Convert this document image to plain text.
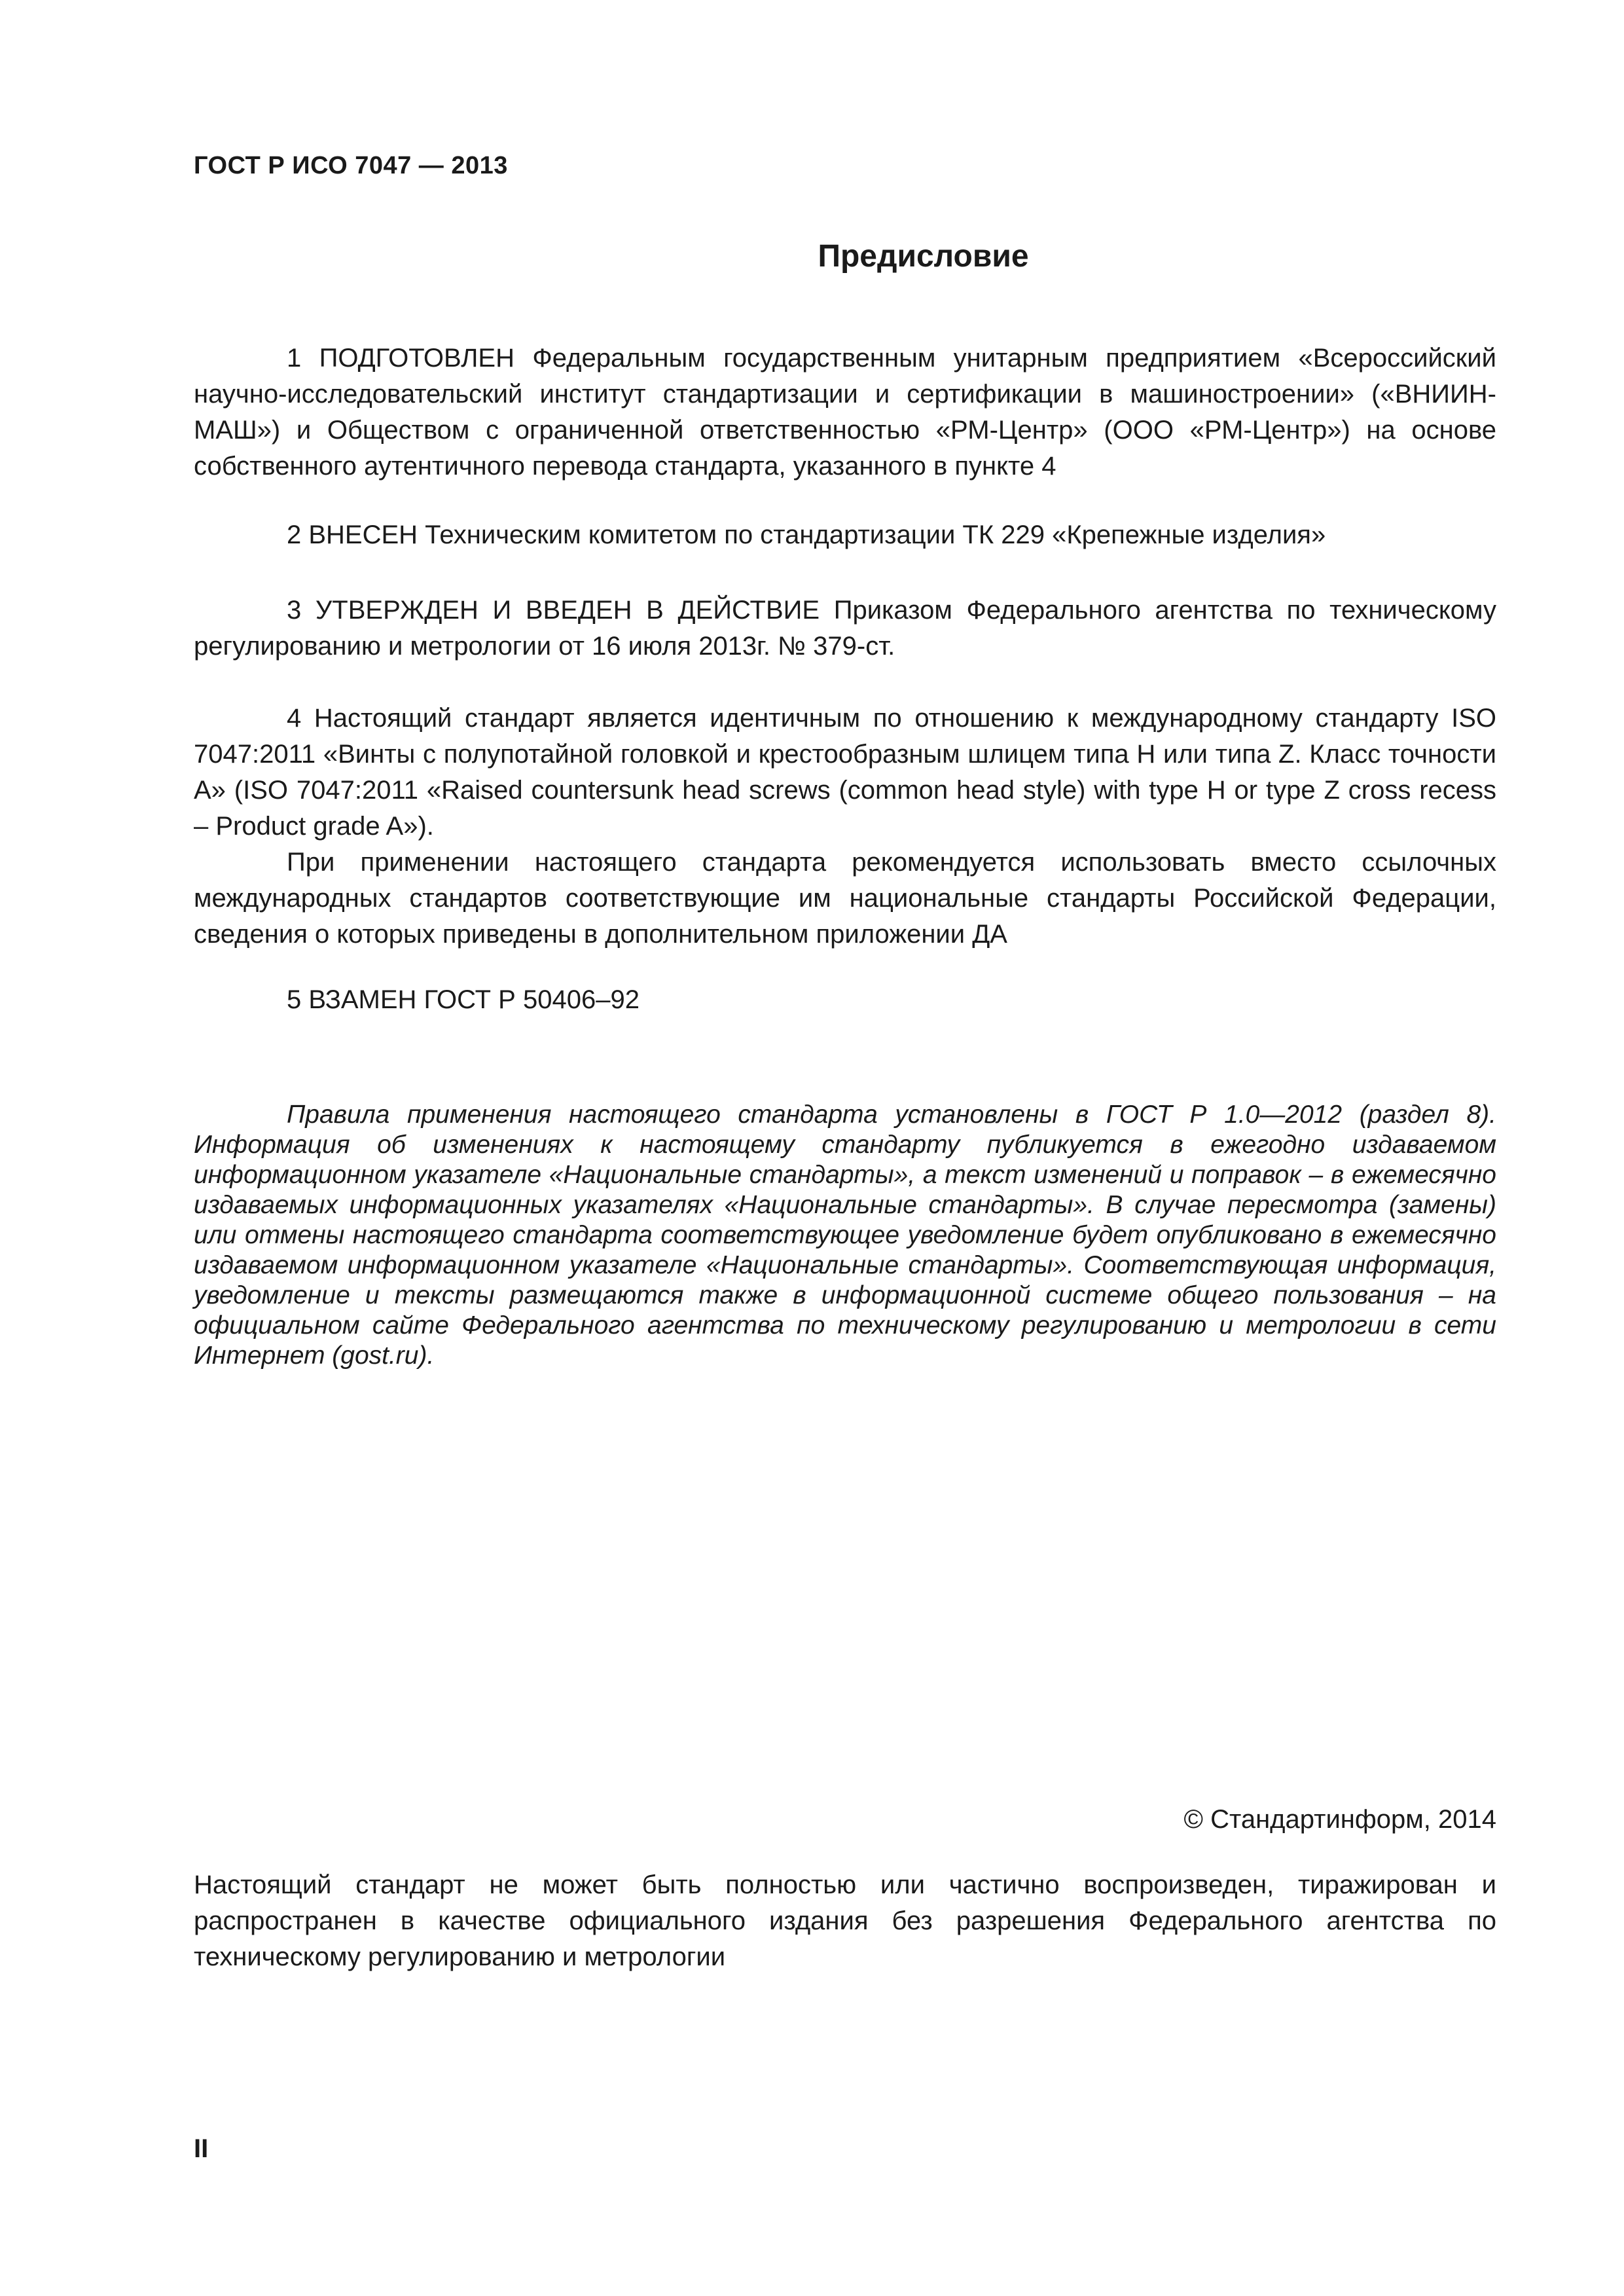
ГОСТ Р ИСО 7047 — 2013
Предисловие

1 ПОДГОТОВЛЕН Федеральным государственным унитарным предприятием «Всероссийский научно-исследовательский институт стандартизации и сертификации в машиностроении» («ВНИИН-МАШ») и Обществом с ограниченной ответственностью «РМ-Центр» (ООО «РМ-Центр») на основе собственного аутентичного перевода стандарта, указанного в пункте 4

2 ВНЕСЕН Техническим комитетом по стандартизации ТК 229 «Крепежные изделия»

3 УТВЕРЖДЕН И ВВЕДЕН В ДЕЙСТВИЕ Приказом Федерального агентства по техническому регулированию и метрологии от 16 июля 2013г. № 379-ст.

4 Настоящий стандарт является идентичным по отношению к международному стандарту ISO 7047:2011 «Винты с полупотайной головкой и крестообразным шлицем типа Н или типа Z. Класс точности А» (ISO 7047:2011 «Raised countersunk head screws (common head style) with type H or type Z cross recess – Product grade A»).

При применении настоящего стандарта рекомендуется использовать вместо ссылочных международных стандартов соответствующие им национальные стандарты Российской Федерации, сведения о которых приведены в дополнительном приложении ДА

5 ВЗАМЕН ГОСТ Р 50406–92

Правила применения настоящего стандарта установлены в ГОСТ Р 1.0—2012 (раздел 8). Информация об изменениях к настоящему стандарту публикуется в ежегодно издаваемом информационном указателе «Национальные стандарты», а текст изменений и поправок – в ежемесячно издаваемых информационных указателях «Национальные стандарты». В случае пересмотра (замены) или отмены настоящего стандарта соответствующее уведомление будет опубликовано в ежемесячно издаваемом информационном указателе «Национальные стандарты». Соответствующая информация, уведомление и тексты размещаются также в информационной системе общего пользования – на официальном сайте Федерального агентства по техническому регулированию и метрологии в сети Интернет (gost.ru).

© Стандартинформ, 2014

Настоящий стандарт не может быть полностью или частично воспроизведен, тиражирован и распространен в качестве официального издания без разрешения Федерального агентства по техническому регулированию и метрологии

II
